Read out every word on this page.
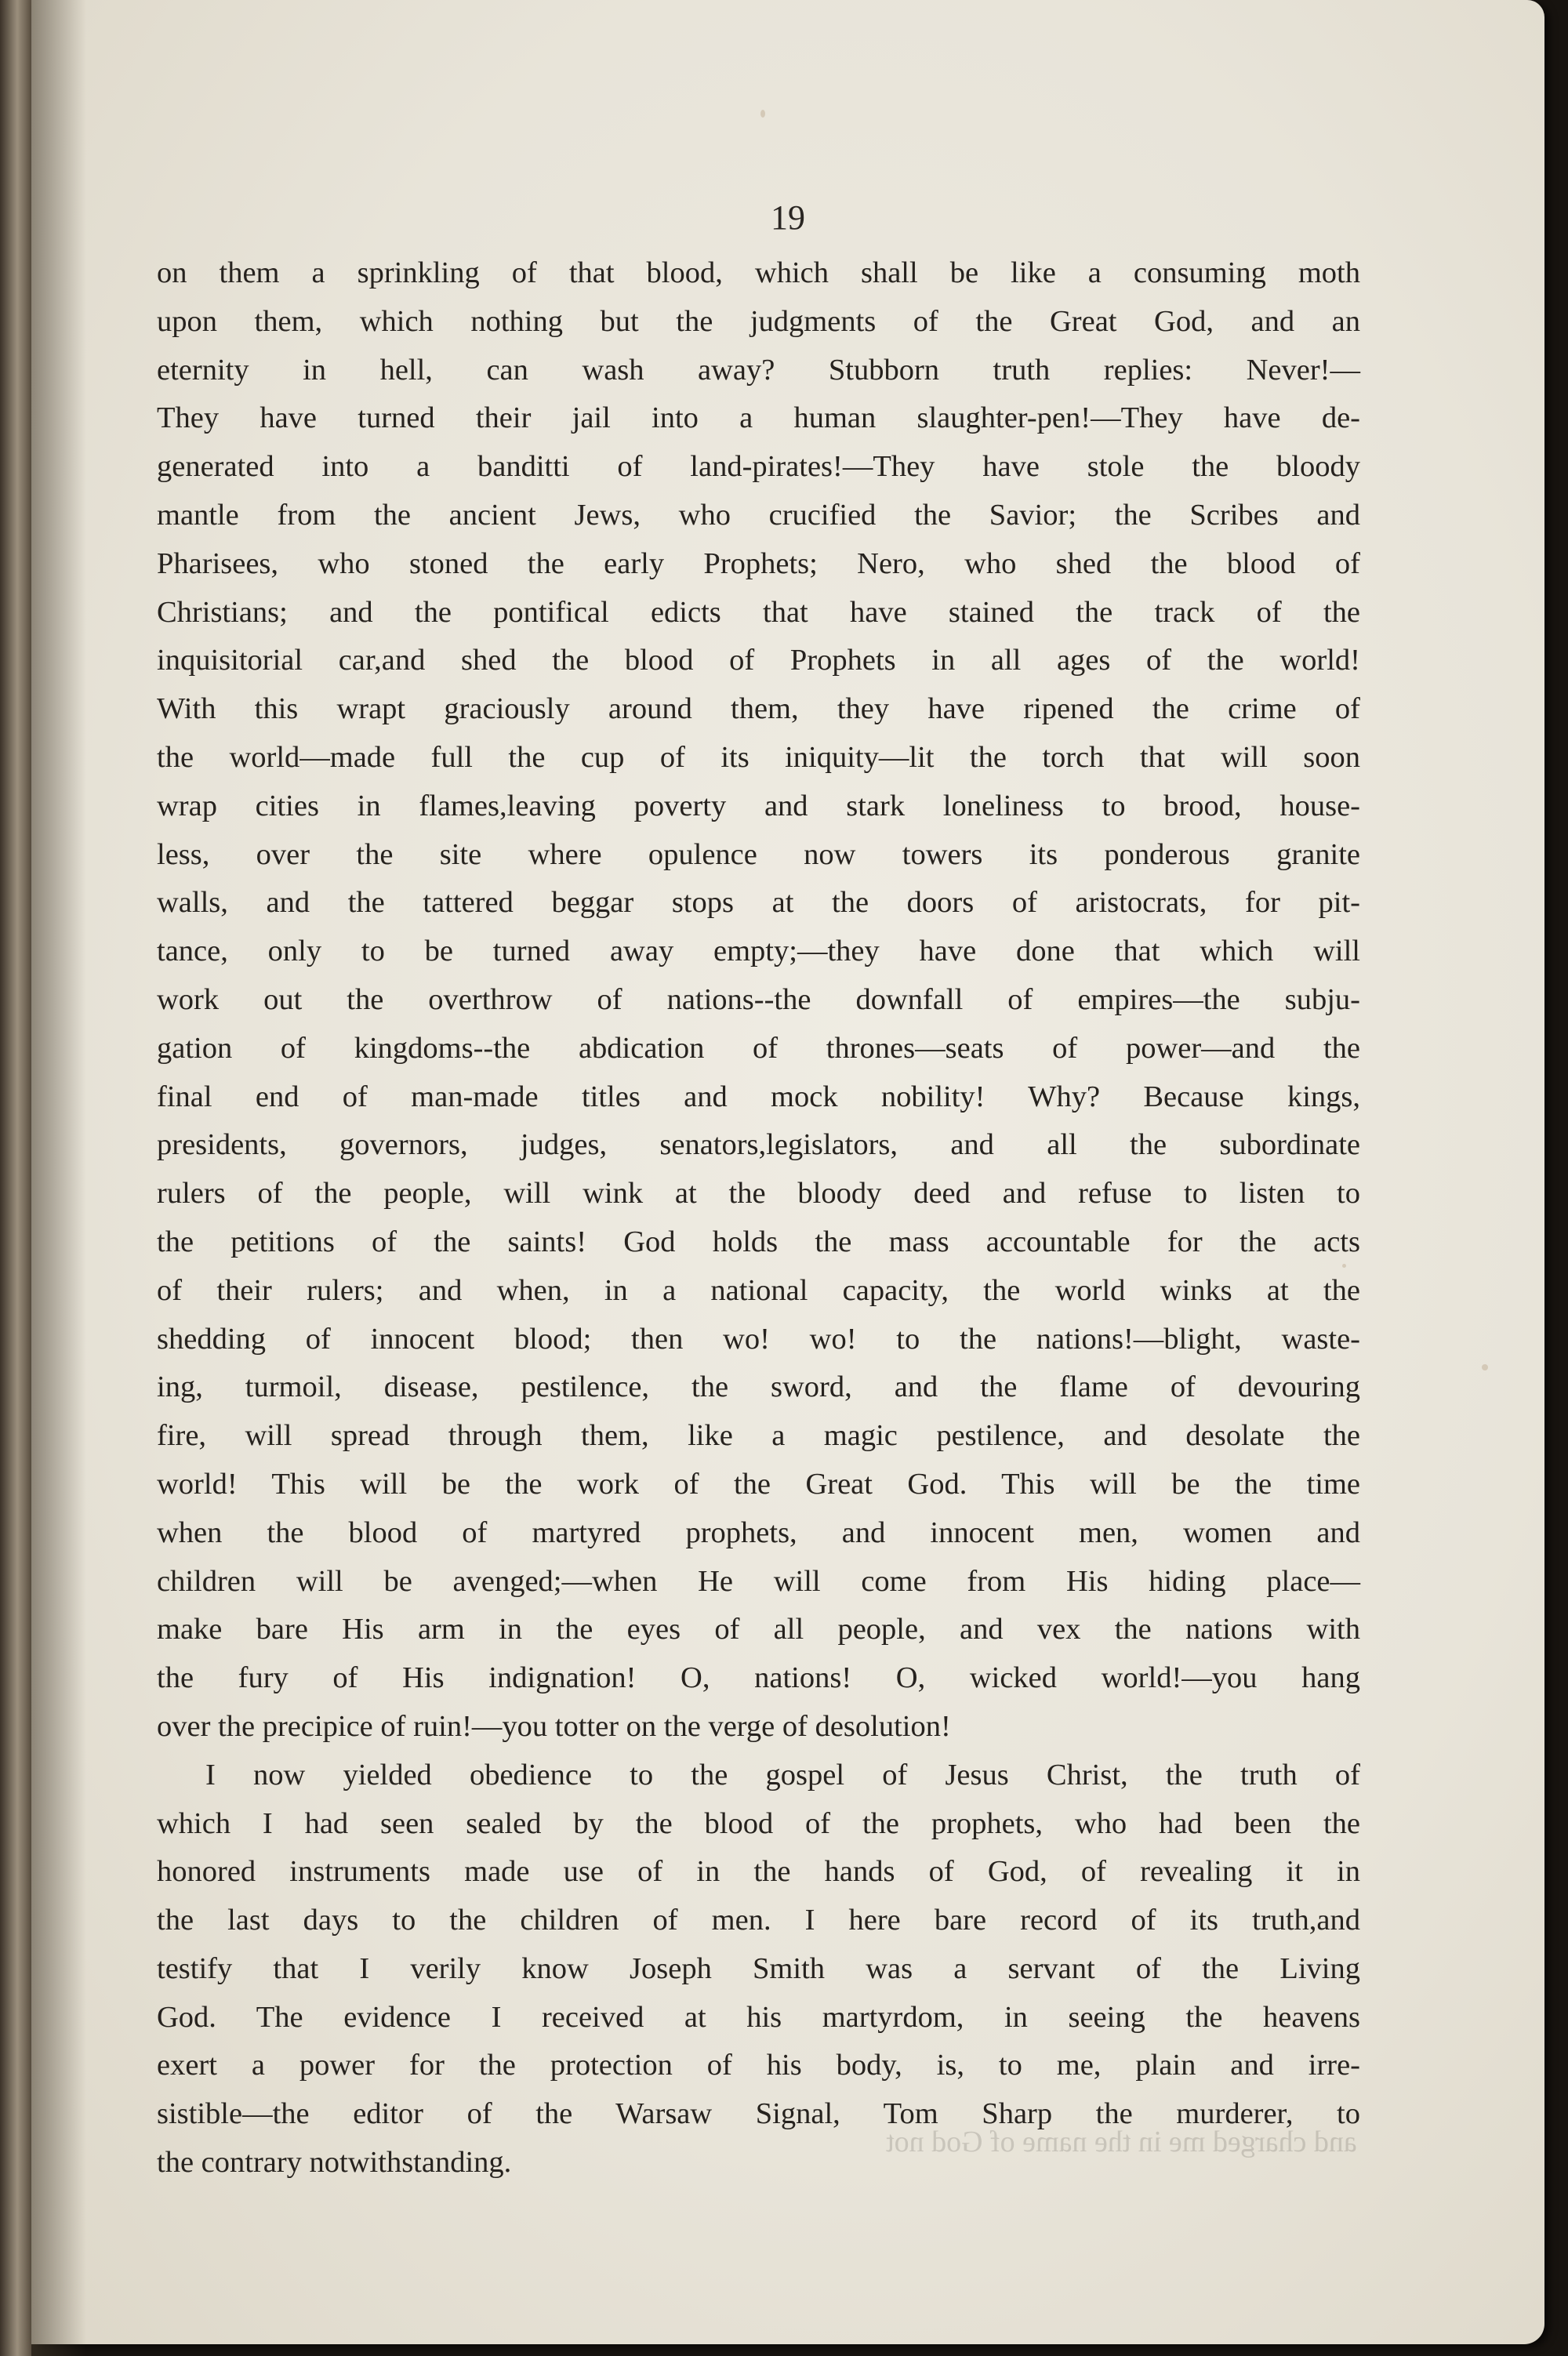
19
and charged me in the name of God not
on them a sprinkling of that blood, which shall be like a consuming moth
upon them, which nothing but the judgments of the Great God, and an
eternity in hell, can wash away? Stubborn truth replies: Never!—
They have turned their jail into a human slaughter-pen!—They have de-
generated into a banditti of land-pirates!—They have stole the bloody
mantle from the ancient Jews, who crucified the Savior; the Scribes and
Pharisees, who stoned the early Prophets; Nero, who shed the blood of
Christians; and the pontifical edicts that have stained the track of the
inquisitorial car,and shed the blood of Prophets in all ages of the world!
With this wrapt graciously around them, they have ripened the crime of
the world—made full the cup of its iniquity—lit the torch that will soon
wrap cities in flames,leaving poverty and stark loneliness to brood, house-
less, over the site where opulence now towers its ponderous granite
walls, and the tattered beggar stops at the doors of aristocrats, for pit-
tance, only to be turned away empty;—they have done that which will
work out the overthrow of nations--the downfall of empires—the subju-
gation of kingdoms--the abdication of thrones—seats of power—and the
final end of man-made titles and mock nobility! Why? Because kings,
presidents, governors, judges, senators,legislators, and all the subordinate
rulers of the people, will wink at the bloody deed and refuse to listen to
the petitions of the saints! God holds the mass accountable for the acts
of their rulers; and when, in a national capacity, the world winks at the
shedding of innocent blood; then wo! wo! to the nations!—blight, waste-
ing, turmoil, disease, pestilence, the sword, and the flame of devouring
fire, will spread through them, like a magic pestilence, and desolate the
world! This will be the work of the Great God. This will be the time
when the blood of martyred prophets, and innocent men, women and
children will be avenged;—when He will come from His hiding place—
make bare His arm in the eyes of all people, and vex the nations with
the fury of His indignation! O, nations! O, wicked world!—you hang
over the precipice of ruin!—you totter on the verge of desolution!
I now yielded obedience to the gospel of Jesus Christ, the truth of
which I had seen sealed by the blood of the prophets, who had been the
honored instruments made use of in the hands of God, of revealing it in
the last days to the children of men. I here bare record of its truth,and
testify that I verily know Joseph Smith was a servant of the Living
God. The evidence I received at his martyrdom, in seeing the heavens
exert a power for the protection of his body, is, to me, plain and irre-
sistible—the editor of the Warsaw Signal, Tom Sharp the murderer, to
the contrary notwithstanding.
